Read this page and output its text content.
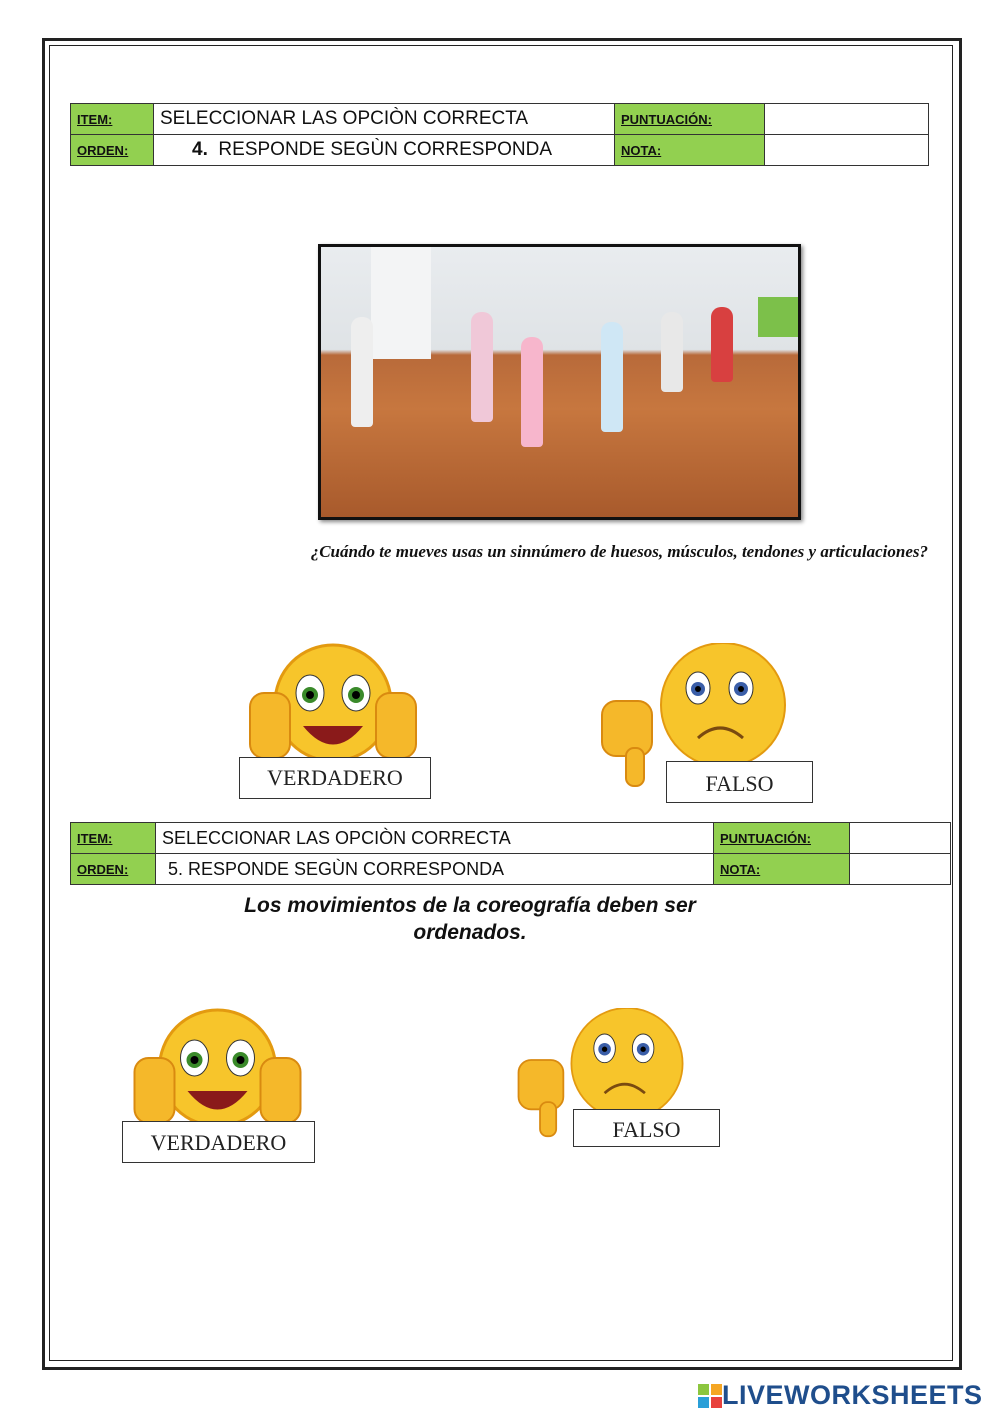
ITEM:	SELECCIONAR LAS OPCIÒN CORRECTA	PUNTUACIÓN:	
ORDEN:	4. RESPONDE SEGÙN CORRESPONDA	NOTA:	
¿Cuándo te mueves usas un sinnúmero de huesos, músculos, tendones y articulaciones?
VERDADERO	FALSO
ITEM:	SELECCIONAR LAS OPCIÒN CORRECTA	PUNTUACIÓN:	
ORDEN:	5. RESPONDE SEGÙN CORRESPONDA	NOTA:	
Los movimientos de la coreografía deben ser ordenados.
VERDADERO
FALSO
LIVEWORKSHEETS
